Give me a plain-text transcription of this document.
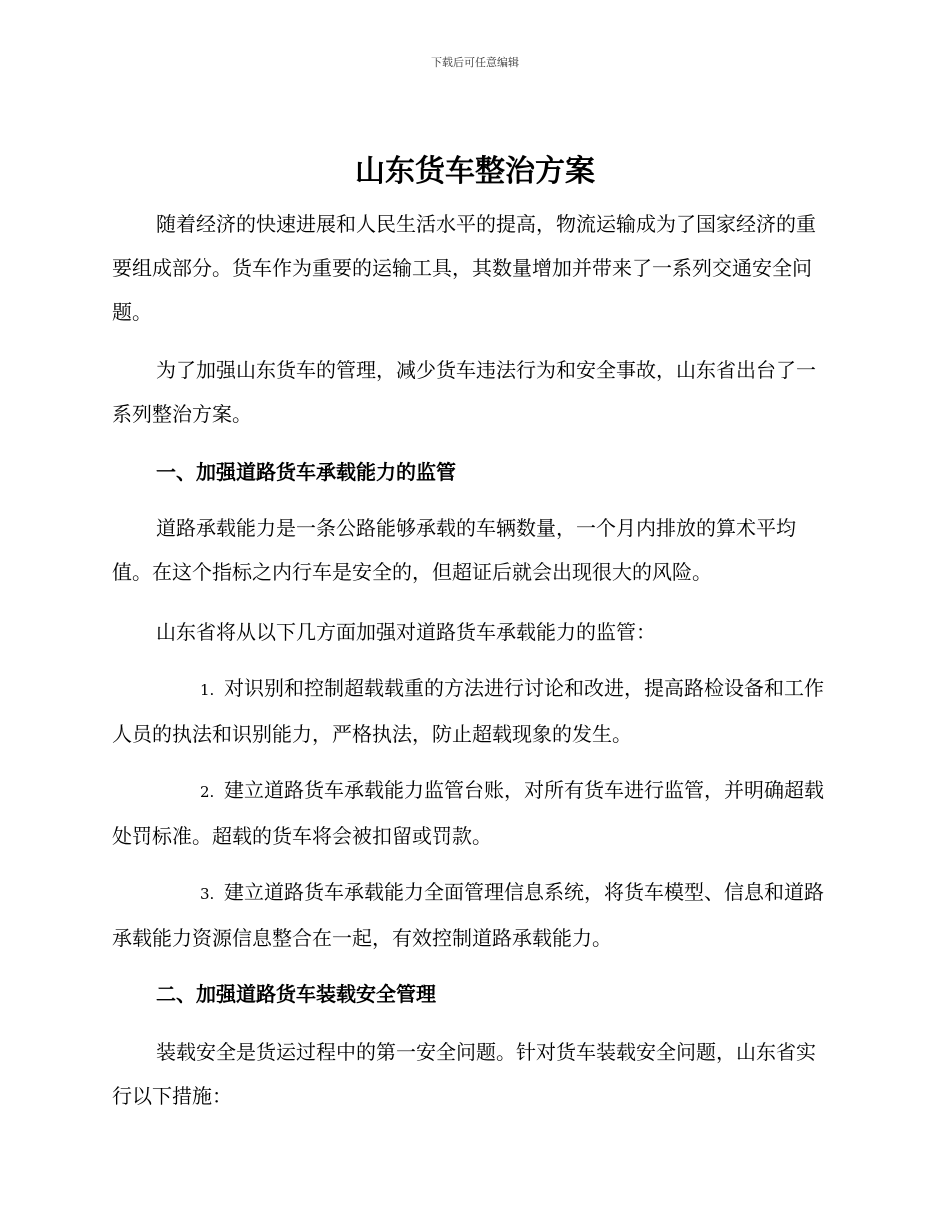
下载后可任意编辑
山东货车整治方案

随着经济的快速进展和人民生活水平的提高，物流运输成为了国家经济的重要组成部分。货车作为重要的运输工具，其数量增加并带来了一系列交通安全问题。

为了加强山东货车的管理，减少货车违法行为和安全事故，山东省出台了一系列整治方案。

一、加强道路货车承载能力的监管

道路承载能力是一条公路能够承载的车辆数量，一个月内排放的算术平均值。在这个指标之内行车是安全的，但超证后就会出现很大的风险。

山东省将从以下几方面加强对道路货车承载能力的监管：

1. 对识别和控制超载载重的方法进行讨论和改进，提高路检设备和工作人员的执法和识别能力，严格执法，防止超载现象的发生。

2. 建立道路货车承载能力监管台账，对所有货车进行监管，并明确超载处罚标准。超载的货车将会被扣留或罚款。

3. 建立道路货车承载能力全面管理信息系统，将货车模型、信息和道路承载能力资源信息整合在一起，有效控制道路承载能力。

二、加强道路货车装载安全管理

装载安全是货运过程中的第一安全问题。针对货车装载安全问题，山东省实行以下措施：
